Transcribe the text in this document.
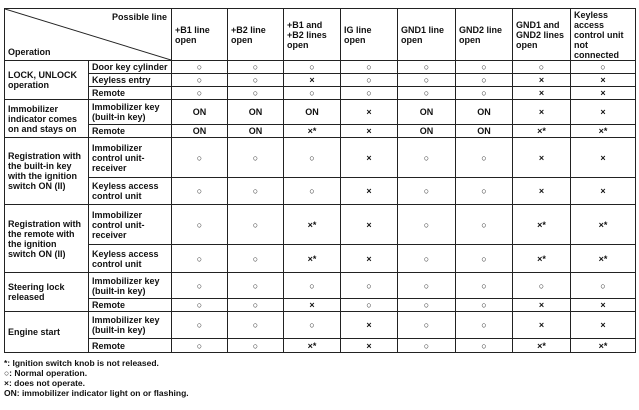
Possible line
Operation		+B1 line open	+B2 line open	+B1 and +B2 lines open	IG line open	GND1 line open	GND2 line open	GND1 and GND2 lines open	Keyless access control unit not connected
LOCK, UNLOCK operation	Door key cylinder	○	○	○	○	○	○	○	○
	Keyless entry	○	○	×	○	○	○	×	×
	Remote	○	○	○	○	○	○	×	×
Immobilizer indicator comes on and stays on	Immobilizer key (built-in key)	ON	ON	ON	×	ON	ON	×	×
	Remote	ON	ON	×*	×	ON	ON	×*	×*
Registration with the built-in key with the ignition switch ON (II)	Immobilizer control unit-receiver	○	○	○	×	○	○	×	×
	Keyless access control unit	○	○	○	×	○	○	×	×
Registration with the remote with the ignition switch ON (II)	Immobilizer control unit-receiver	○	○	×*	×	○	○	×*	×*
	Keyless access control unit	○	○	×*	×	○	○	×*	×*
Steering lock released	Immobilizer key (built-in key)	○	○	○	○	○	○	○	○
	Remote	○	○	×	○	○	○	×	×
Engine start	Immobilizer key (built-in key)	○	○	○	×	○	○	×	×
	Remote	○	○	×*	×	○	○	×*	×*
*: Ignition switch knob is not released.
○: Normal operation.
×: does not operate.
ON: immobilizer indicator light on or flashing.
